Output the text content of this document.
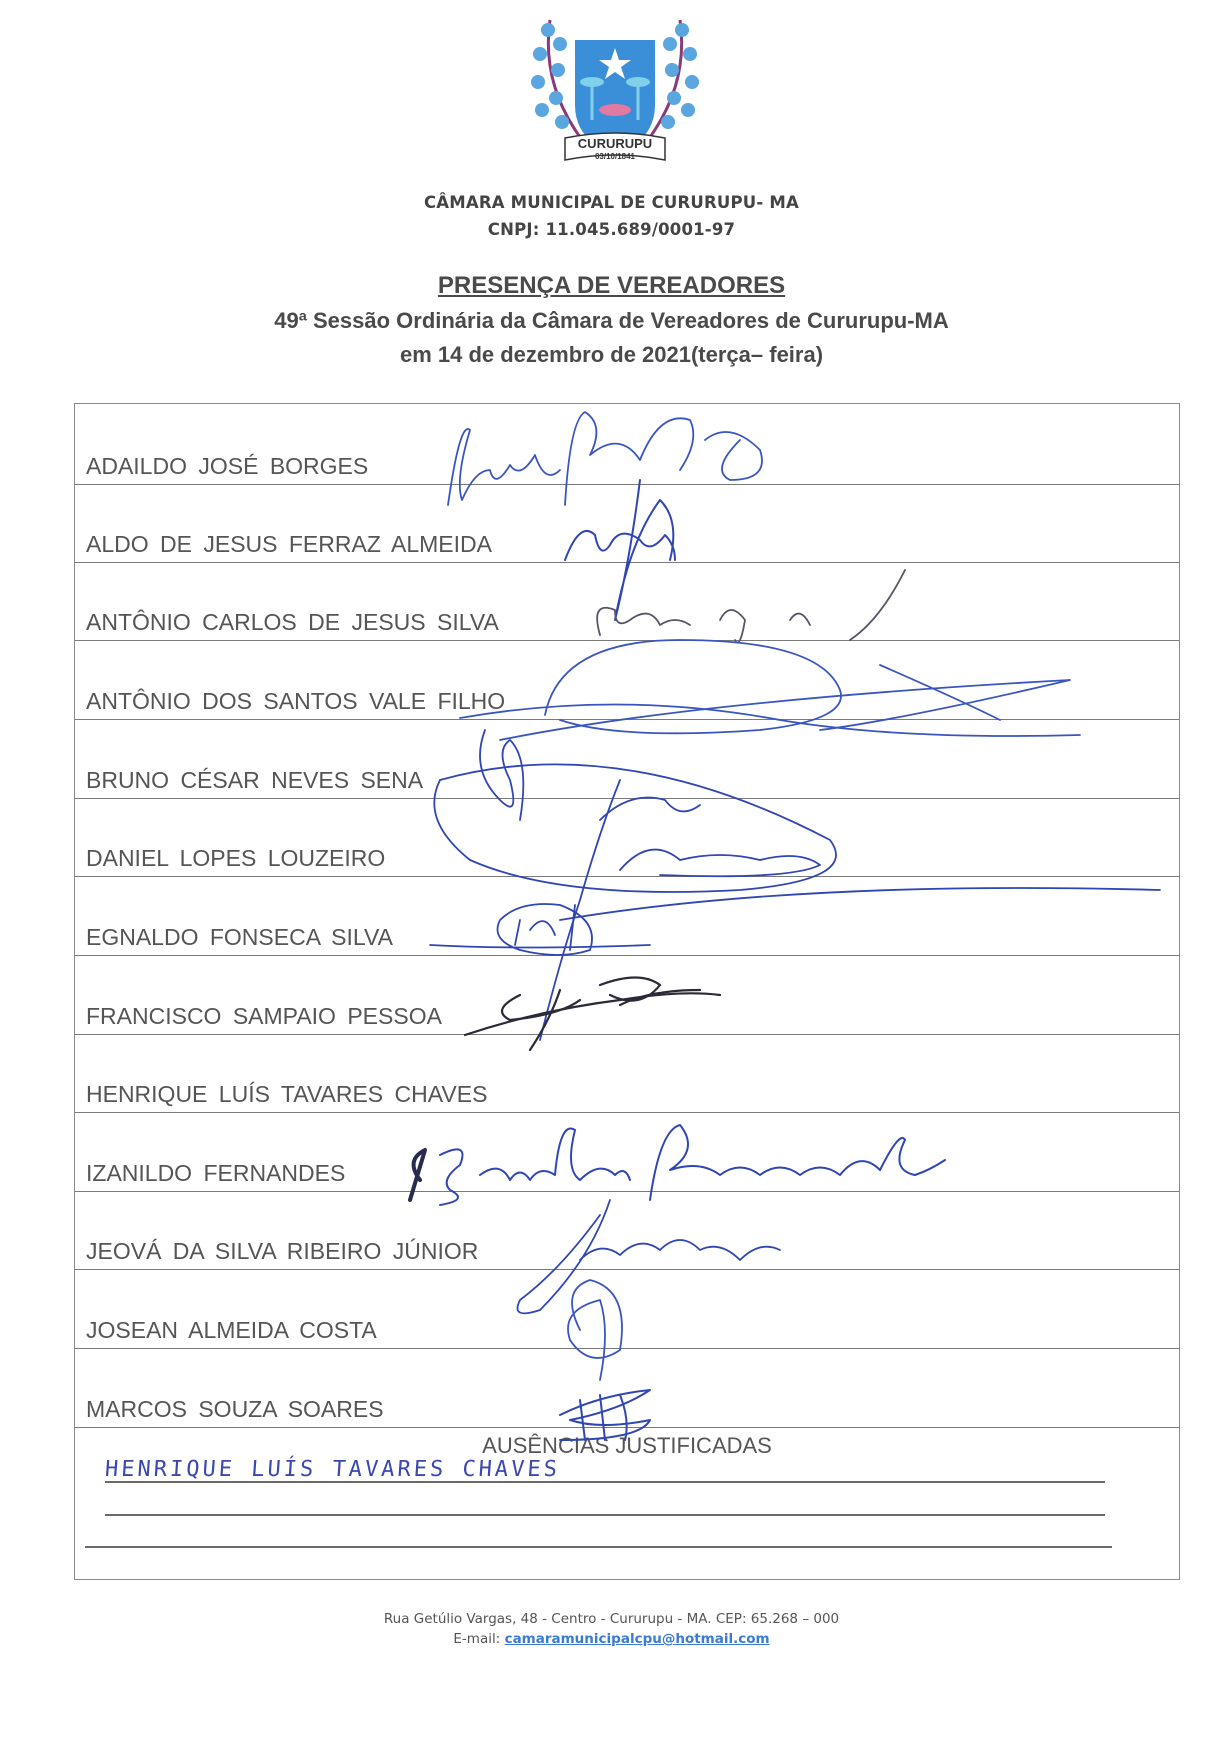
CURURUPU
03/10/1841
CÂMARA MUNICIPAL DE CURURUPU- MA
CNPJ: 11.045.689/0001-97
PRESENÇA DE VEREADORES
49ª Sessão Ordinária da Câmara de Vereadores de Cururupu-MA
em 14 de dezembro de 2021(terça– feira)
ADAILDO JOSÉ BORGES
ALDO DE JESUS FERRAZ ALMEIDA
ANTÔNIO CARLOS DE JESUS SILVA
ANTÔNIO DOS SANTOS VALE FILHO
BRUNO CÉSAR NEVES SENA
DANIEL LOPES LOUZEIRO
EGNALDO FONSECA SILVA
FRANCISCO SAMPAIO PESSOA
HENRIQUE LUÍS TAVARES CHAVES
IZANILDO FERNANDES
JEOVÁ DA SILVA RIBEIRO JÚNIOR
JOSEAN ALMEIDA COSTA
MARCOS SOUZA SOARES
AUSÊNCIAS JUSTIFICADAS
HENRIQUE LUÍS TAVARES CHAVES
Rua Getúlio Vargas, 48 - Centro - Cururupu - MA. CEP: 65.268 – 000
E-mail: camaramunicipalcpu@hotmail.com
